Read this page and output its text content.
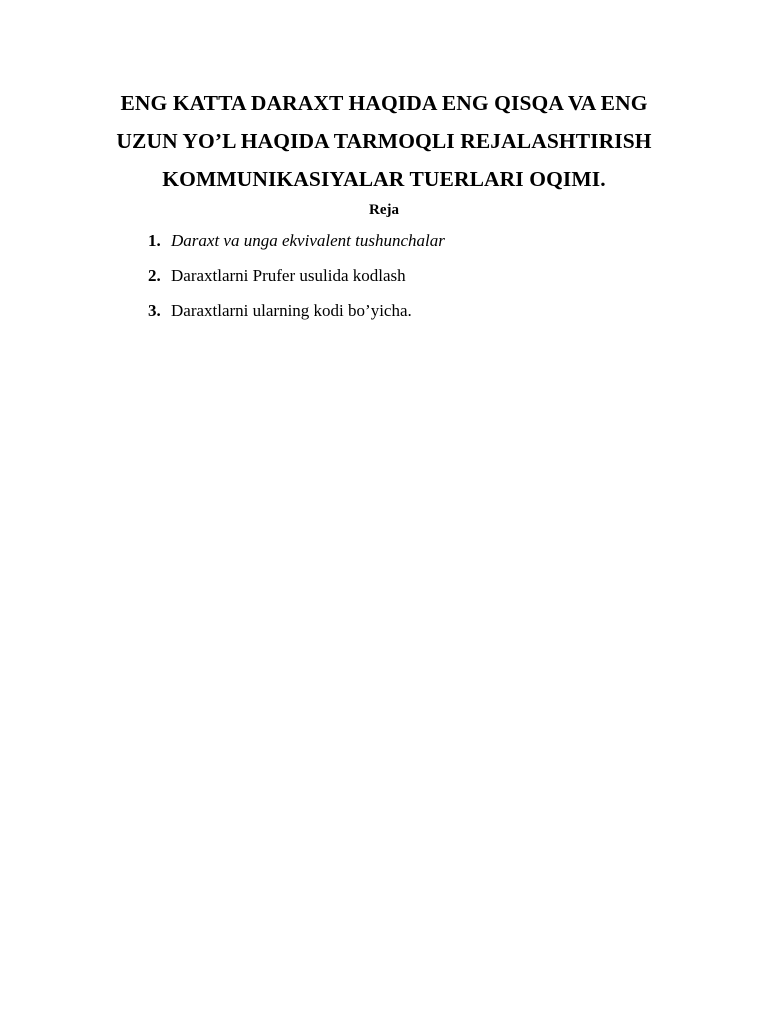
ENG KATTA DARAXT HAQIDA ENG QISQA VA ENG
UZUN YO’L HAQIDA TARMOQLI REJALASHTIRISH
KOMMUNIKASIYALAR TUERLARI OQIMI.
Reja
1. Daraxt va unga ekvivalent tushunchalar
2. Daraxtlarni Prufer usulida kodlash
3. Daraxtlarni ularning kodi bo’yicha.
